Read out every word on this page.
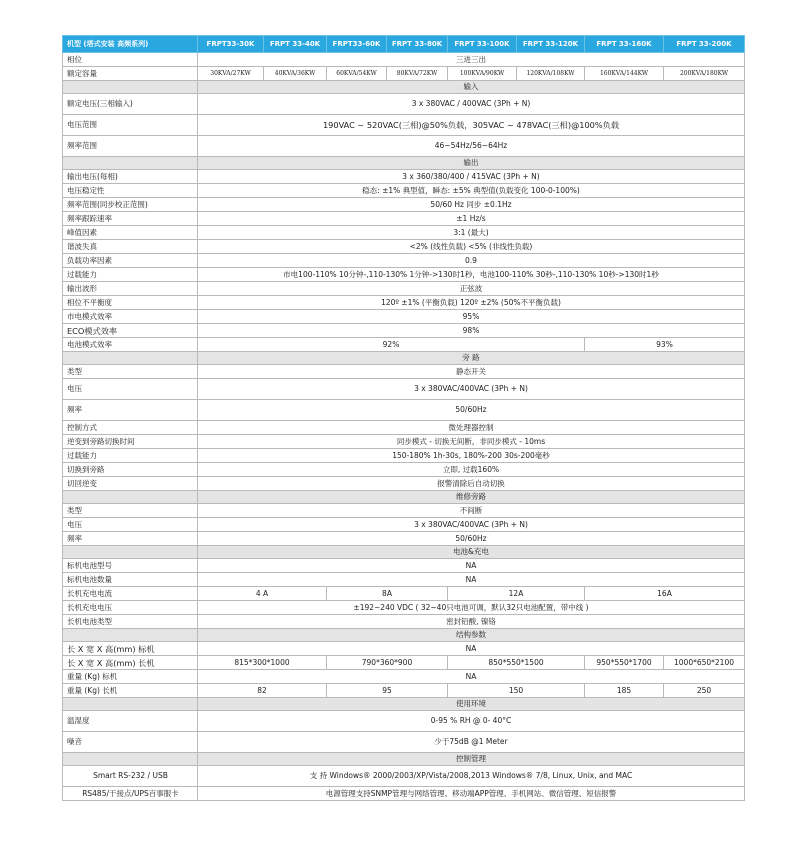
机型 (塔式安装 高频系列)	FRPT33-30K	FRPT 33-40K	FRPT33-60K	FRPT 33-80K	FRPT 33-100K	FRPT 33-120K	FRPT 33-160K	FRPT 33-200K
相位	三进三出							
额定容量	30KVA/27KW	40KVA/36KW	60KVA/54KW	80KVA/72KW	100KVA/90KW	120KVA/108KW	160KVA/144KW	200KVA/180KW
	输入							
额定电压(三相输入)	3 x 380VAC / 400VAC (3Ph + N)							
电压范围	190VAC ~ 520VAC(三相)@50%负载，305VAC ~ 478VAC(三相)@100%负载							
频率范围	46~54Hz/56~64Hz							
	输出							
输出电压(每相)	3 x 360/380/400 / 415VAC (3Ph + N)							
电压稳定性	稳态: ±1% 典型值，瞬态: ±5% 典型值(负载变化 100-0-100%)							
频率范围(同步校正范围)	50/60 Hz 同步 ±0.1Hz							
频率跟踪速率	±1 Hz/s							
峰值因素	3:1 (最大)							
谐波失真	<2% (线性负载) <5% (非线性负载)							
负载功率因素	0.9							
过载能力	市电100-110% 10分钟-,110-130% 1分钟->130时1秒，电池100-110% 30秒-,110-130% 10秒->130时1秒							
输出波形	正弦波							
相位不平衡度	120º ±1% (平衡负载) 120º ±2% (50%不平衡负载)							
市电模式效率	95%							
ECO模式效率	98%							
电池模式效率	92%						93%	
	旁 路							
类型	静态开关							
电压	3 x 380VAC/400VAC (3Ph + N)							
频率	50/60Hz							
控制方式	微处理器控制							
逆变到旁路切换时间	同步模式 - 切换无间断，非同步模式 - 10ms							
过载能力	150-180% 1h-30s, 180%-200 30s-200毫秒							
切换到旁路	立即, 过载160%							
切回逆变	报警清除后自动切换							
	维修旁路							
类型	不间断							
电压	3 x 380VAC/400VAC (3Ph + N)							
频率	50/60Hz							
	电池&充电							
标机电池型号	NA							
标机电池数量	NA							
长机充电电流	4 A		8A		12A		16A	
长机充电电压	±192~240 VDC ( 32~40只电池可调，默认32只电池配置，带中线 )							
长机电池类型	密封铅酸, 镍铬							
	结构参数							
长 X 宽 X 高(mm) 标机	NA							
长 X 宽 X 高(mm) 长机	815*300*1000		790*360*900		850*550*1500		950*550*1700	1000*650*2100
重量 (Kg) 标机	NA							
重量 (Kg) 长机	82		95		150		185	250
	使用环境							
温湿度	0-95 % RH @ 0- 40°C							
噪音	少于75dB @1 Meter							
	控制管理							
Smart RS-232 / USB	支 持 Windows® 2000/2003/XP/Vista/2008,2013 Windows® 7/8, Linux, Unix, and MAC							
RS485/干接点/UPS百事服卡	电源管理支持SNMP管理与网络管理、移动端APP管理、手机网站、微信管理、短信报警							
